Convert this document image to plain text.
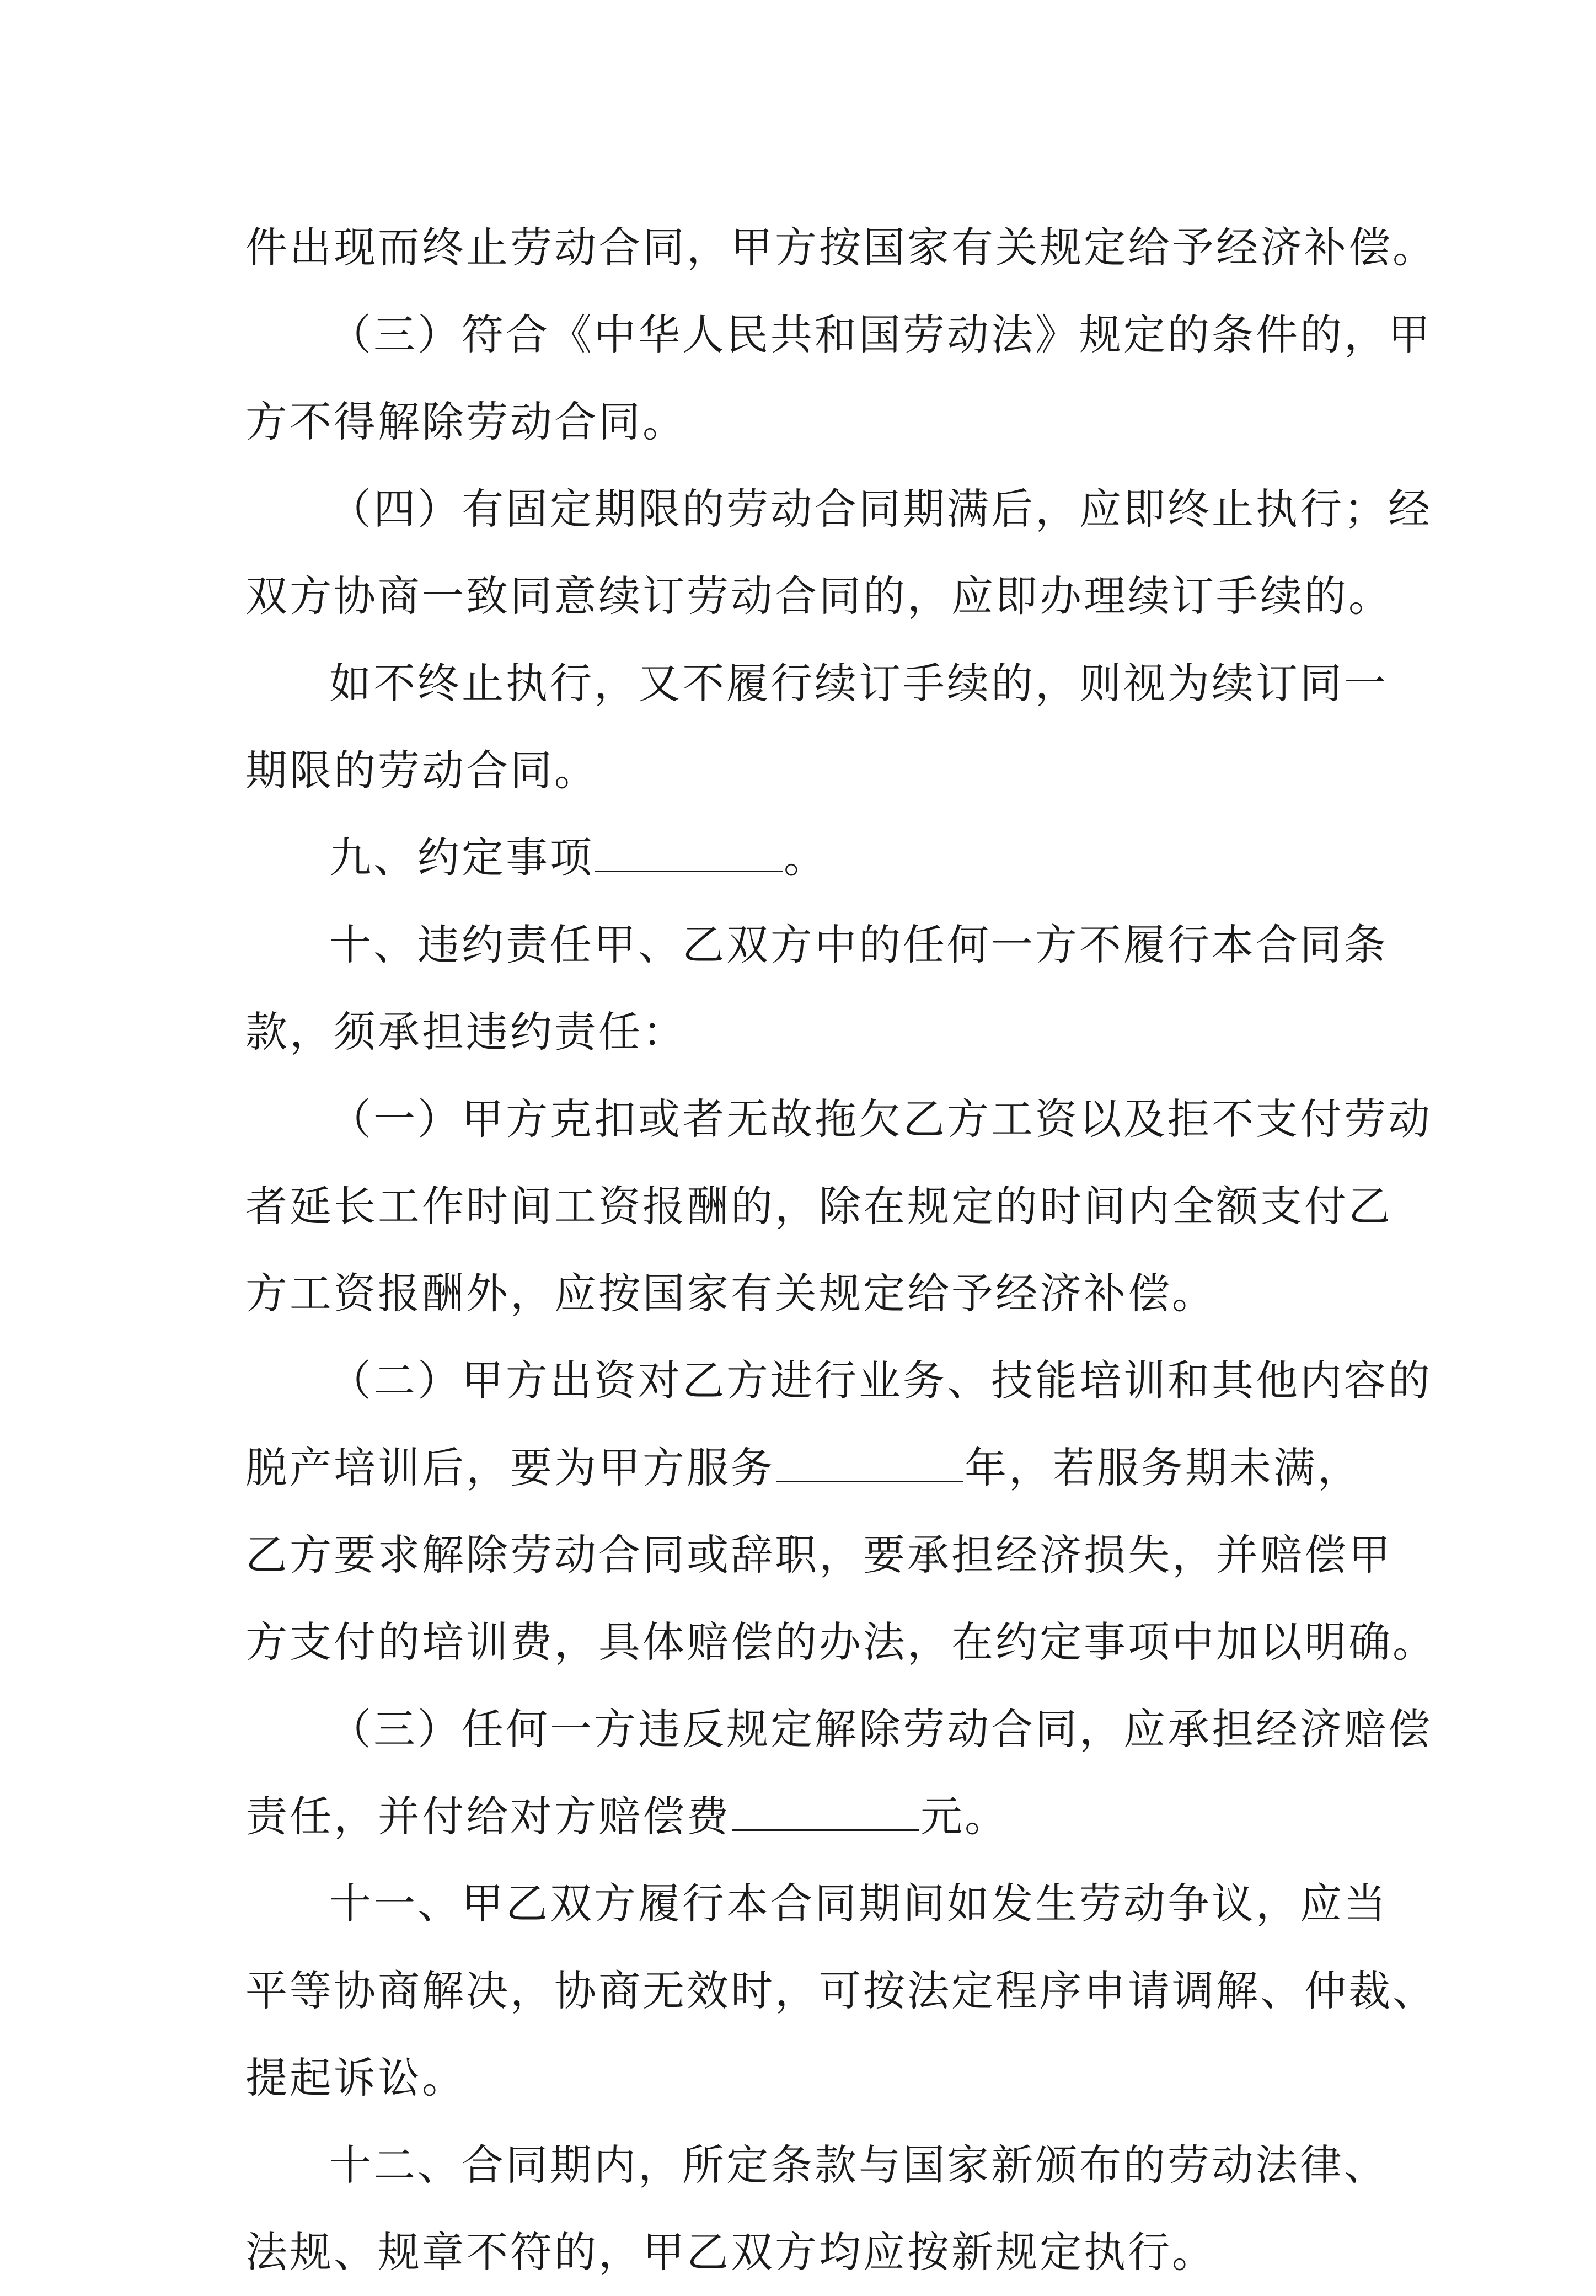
件出现而终止劳动合同，甲方按国家有关规定给予经济补偿。
（三）符合《中华人民共和国劳动法》规定的条件的，甲
方不得解除劳动合同。
（四）有固定期限的劳动合同期满后，应即终止执行；经
双方协商一致同意续订劳动合同的，应即办理续订手续的。
如不终止执行，又不履行续订手续的，则视为续订同一
期限的劳动合同。
九、约定事项	。
十、违约责任甲、乙双方中的任何一方不履行本合同条
款，须承担违约责任：
（一）甲方克扣或者无故拖欠乙方工资以及拒不支付劳动
者延长工作时间工资报酬的，除在规定的时间内全额支付乙
方工资报酬外，应按国家有关规定给予经济补偿。
（二）甲方出资对乙方进行业务、技能培训和其他内容的
脱产培训后，要为甲方服务	年，若服务期未满，
乙方要求解除劳动合同或辞职，要承担经济损失，并赔偿甲
方支付的培训费，具体赔偿的办法，在约定事项中加以明确。
（三）任何一方违反规定解除劳动合同，应承担经济赔偿
责任，并付给对方赔偿费	元。
十一、甲乙双方履行本合同期间如发生劳动争议，应当
平等协商解决，协商无效时，可按法定程序申请调解、仲裁、
提起诉讼。
十二、合同期内，所定条款与国家新颁布的劳动法律、
法规、规章不符的，甲乙双方均应按新规定执行。
